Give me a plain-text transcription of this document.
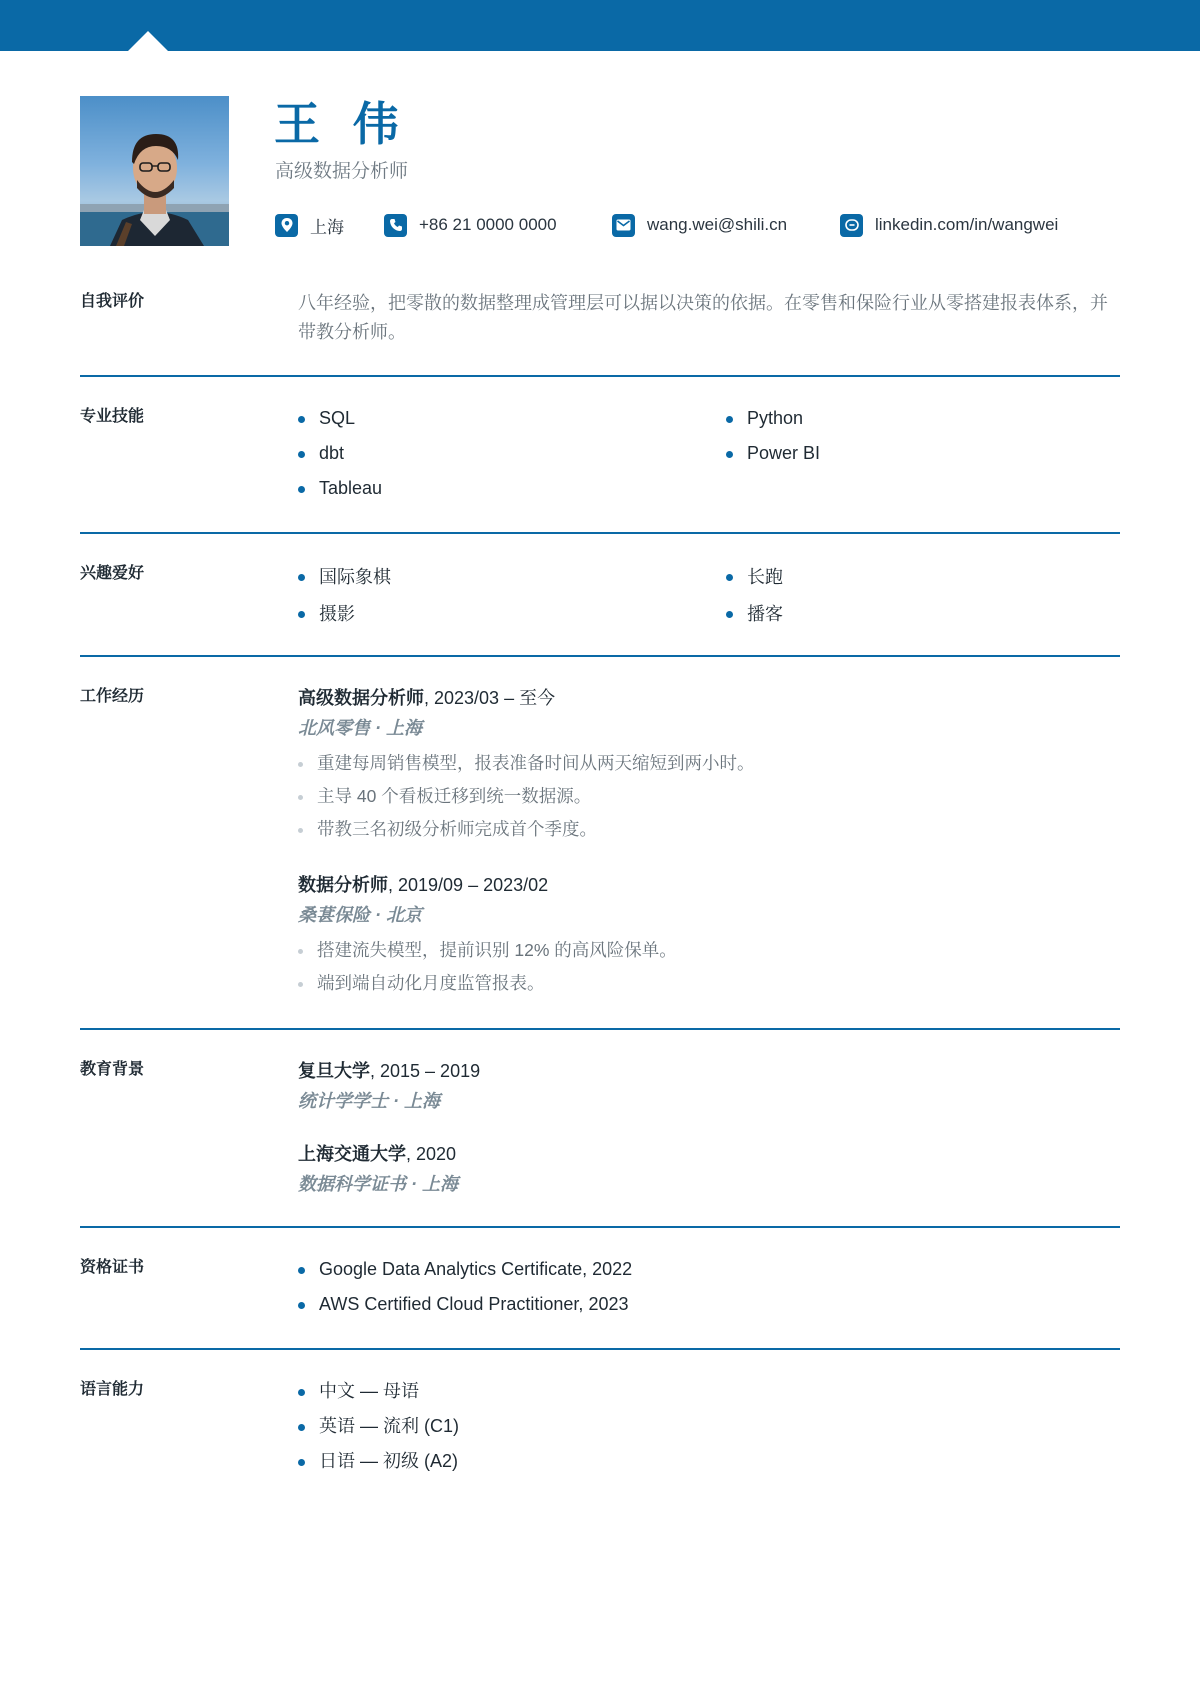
王 伟
高级数据分析师
上海	+86 21 0000 0000	wang.wei@shili.cn	linkedin.com/in/wangwei
自我评价	八年经验，把零散的数据整理成管理层可以据以决策的依据。在零售和保险行业从零搭建报表体系，并带教分析师。
专业技能	SQL
dbt
Tableau
Python
Power BI
兴趣爱好	国际象棋
摄影
长跑
播客
工作经历	高级数据分析师, 2023/03 – 至今
北风零售 · 上海
重建每周销售模型，报表准备时间从两天缩短到两小时。
主导 40 个看板迁移到统一数据源。
带教三名初级分析师完成首个季度。
数据分析师, 2019/09 – 2023/02
桑葚保险 · 北京
搭建流失模型，提前识别 12% 的高风险保单。
端到端自动化月度监管报表。
教育背景	复旦大学, 2015 – 2019
统计学学士 · 上海
上海交通大学, 2020
数据科学证书 · 上海
资格证书	Google Data Analytics Certificate, 2022
AWS Certified Cloud Practitioner, 2023
语言能力	中文 — 母语
英语 — 流利 (C1)
日语 — 初级 (A2)
